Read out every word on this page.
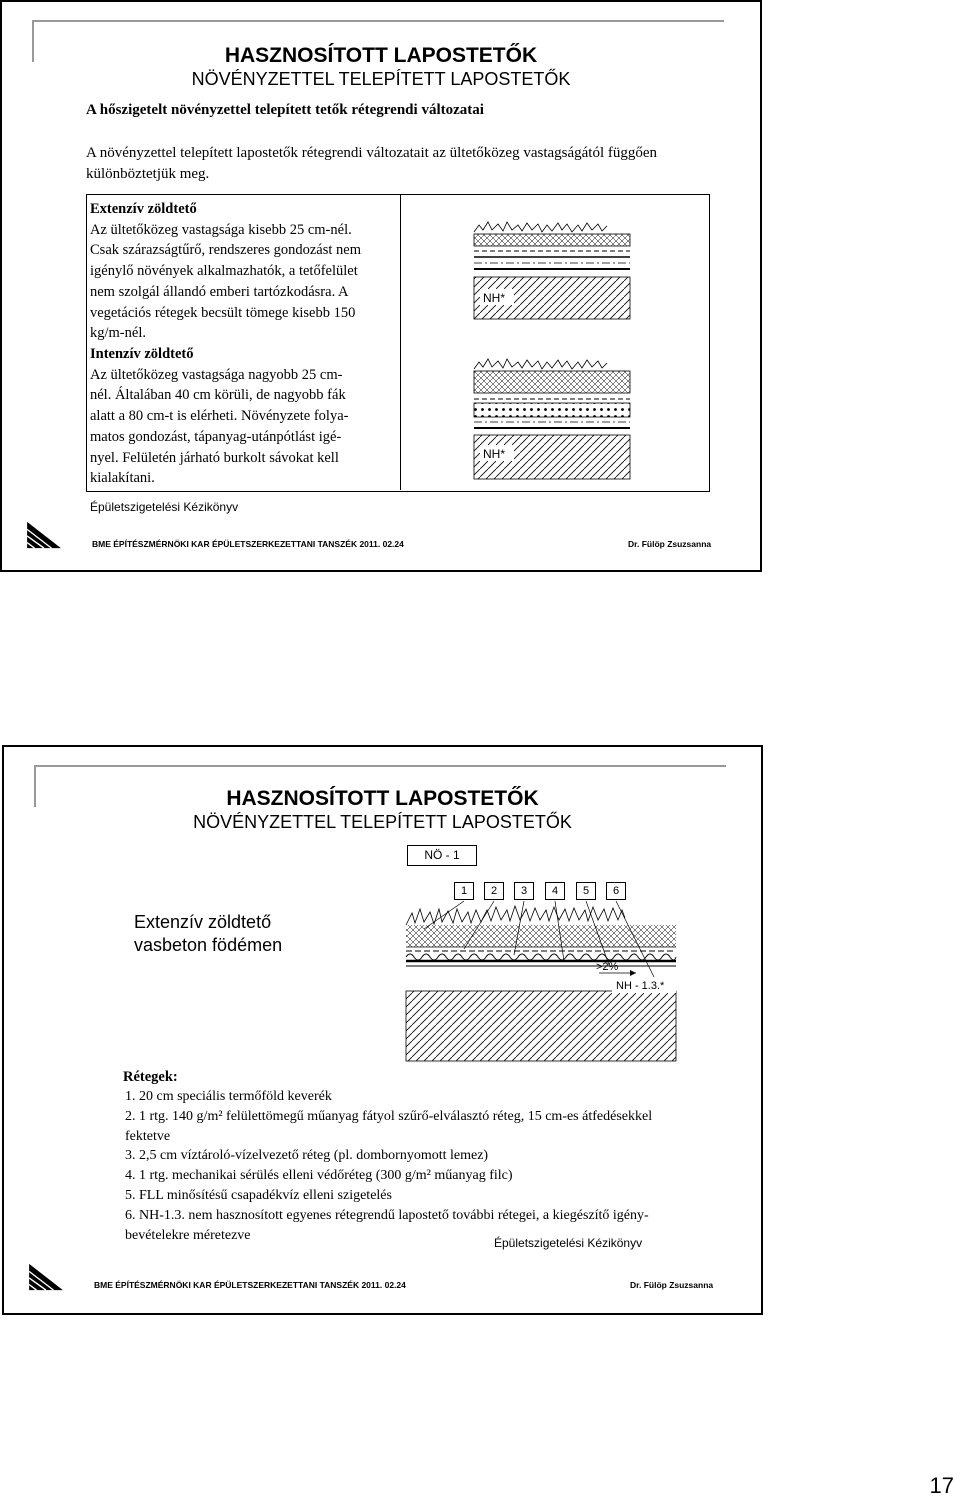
HASZNOSÍTOTT LAPOSTETŐK
NÖVÉNYZETTEL TELEPÍTETT LAPOSTETŐK
A hőszigetelt növényzettel telepített tetők rétegrendi változatai
A növényzettel telepített lapostetők rétegrendi változatait az ültetőközeg vastagságától függően
különböztetjük meg.
Extenzív zöldtető
Az ültetőközeg vastagsága kisebb 25 cm-nél.
Csak szárazságtűrő, rendszeres gondozást nem
igénylő növények alkalmazhatók, a tetőfelület
nem szolgál állandó emberi tartózkodásra. A
vegetációs rétegek becsült tömege kisebb 150
kg/m-nél.
Intenzív zöldtető
Az ültetőközeg vastagsága nagyobb 25 cm-
nél. Általában 40 cm körüli, de nagyobb fák
alatt a 80 cm-t is elérheti. Növényzete folya-
matos gondozást, tápanyag-utánpótlást igé-
nyel. Felületén járható burkolt sávokat kell
kialakítani.
NH*
NH*
Épületszigetelési Kézikönyv
BME ÉPÍTÉSZMÉRNÖKI KAR ÉPÜLETSZERKEZETTANI TANSZÉK 2011. 02.24	Dr. Fülöp Zsuzsanna
HASZNOSÍTOTT LAPOSTETŐK
NÖVÉNYZETTEL TELEPÍTETT LAPOSTETŐK
NÖ - 1
1	2	3	4	5	6
>2%
NH - 1.3.*
Extenzív zöldtető
vasbeton födémen
Rétegek:
1. 20 cm speciális termőföld keverék
2. 1 rtg. 140 g/m² felülettömegű műanyag fátyol szűrő-elválasztó réteg, 15 cm-es átfedésekkel
fektetve
3. 2,5 cm víztároló-vízelvezető réteg (pl. dombornyomott lemez)
4. 1 rtg. mechanikai sérülés elleni védőréteg (300 g/m² műanyag filc)
5. FLL minősítésű csapadékvíz elleni szigetelés
6. NH-1.3. nem hasznosított egyenes rétegrendű lapostető további rétegei, a kiegészítő igény-
bevételekre méretezve	Épületszigetelési Kézikönyv
BME ÉPÍTÉSZMÉRNÖKI KAR ÉPÜLETSZERKEZETTANI TANSZÉK 2011. 02.24	Dr. Fülöp Zsuzsanna
17
